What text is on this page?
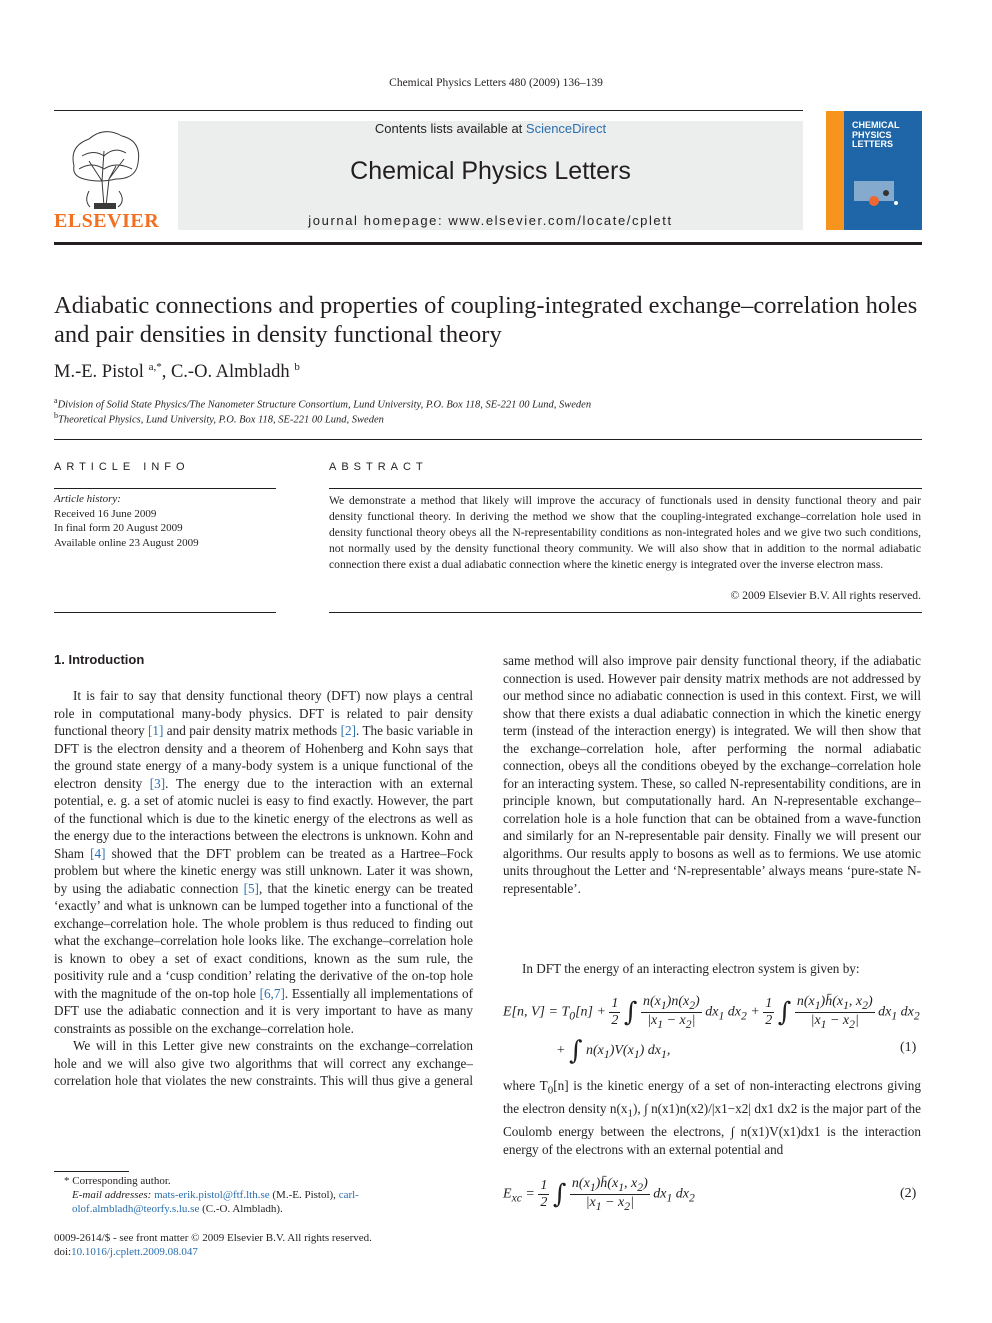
Chemical Physics Letters 480 (2009) 136–139
Contents lists available at ScienceDirect
Chemical Physics Letters
journal homepage: www.elsevier.com/locate/cplett
ELSEVIER
CHEMICAL PHYSICS LETTERS
Adiabatic connections and properties of coupling-integrated exchange–correlation holes and pair densities in density functional theory
M.-E. Pistol $^{a,*}$, C.-O. Almbladh $^b$
$^a$Division of Solid State Physics/The Nanometer Structure Consortium, Lund University, P.O. Box 118, SE-221 00 Lund, Sweden
$^b$Theoretical Physics, Lund University, P.O. Box 118, SE-221 00 Lund, Sweden
ARTICLE INFO
Article history:
Received 16 June 2009
In final form 20 August 2009
Available online 23 August 2009
ABSTRACT
We demonstrate a method that likely will improve the accuracy of functionals used in density functional theory and pair density functional theory. In deriving the method we show that the coupling-integrated exchange–correlation hole used in density functional theory obeys all the N-representability conditions as non-integrated holes and we give two such conditions, not normally used by the density functional theory community. We will also show that in addition to the normal adiabatic connection there exist a dual adiabatic connection where the kinetic energy is integrated over the inverse electron mass.
© 2009 Elsevier B.V. All rights reserved.
1. Introduction

It is fair to say that density functional theory (DFT) now plays a central role in computational many-body physics. DFT is related to pair density functional theory [1] and pair density matrix methods [2]. The basic variable in DFT is the electron density and a theorem of Hohenberg and Kohn says that the ground state energy of a many-body system is a unique functional of the electron density [3]. The energy due to the interaction with an external potential, e. g. a set of atomic nuclei is easy to find exactly. However, the part of the functional which is due to the kinetic energy of the electrons as well as the energy due to the interactions between the electrons is unknown. Kohn and Sham [4] showed that the DFT problem can be treated as a Hartree–Fock problem but where the kinetic energy was still unknown. Later it was shown, by using the adiabatic connection [5], that the kinetic energy can be treated ‘exactly’ and what is unknown can be lumped together into a functional of the exchange–correlation hole. The whole problem is thus reduced to finding out what the exchange–correlation hole looks like. The exchange–correlation hole is known to obey a set of exact conditions, known as the sum rule, the positivity rule and a ‘cusp condition’ relating the derivative of the on-top hole with the magnitude of the on-top hole [6,7]. Essentially all implementations of DFT use the adiabatic connection and it is very important to have as many constraints as possible on the exchange–correlation hole.

We will in this Letter give new constraints on the exchange–correlation hole and we will also give two algorithms that will correct any exchange–correlation hole that violates the new constraints. This will thus give a general

same method will also improve pair density functional theory, if the adiabatic connection is used. However pair density matrix methods are not addressed by our method since no adiabatic connection is used in this context. First, we will show that there exists a dual adiabatic connection in which the kinetic energy term (instead of the interaction energy) is integrated. We will then show that the exchange–correlation hole, after performing the normal adiabatic connection, obeys all the conditions obeyed by the exchange–correlation hole for an interacting system. These, so called N-representability conditions, are in principle known, but computationally hard. An N-representable exchange–correlation hole is a hole function that can be obtained from a wave-function and similarly for an N-representable pair density. Finally we will present our algorithms. Our results apply to bosons as well as to fermions. We use atomic units throughout the Letter and ‘N-representable’ always means ‘pure-state N-representable’.

In DFT the energy of an interacting electron system is given by:

E[n, $V] = T_0[n] + \frac{1}{2}$ ∫ $\frac{n(x_1)n(x_2)}{|x_1 - x_2|} dx_1$ $dx_2 + \frac{1}{2}$ ∫ $\frac{n(x_1)h̄(x_1, x_2)}{|x_1 - x_2|} dx_1$ $dx_2$
+ ∫ $n(x_1)V(x_1)$ $dx_1$,	(1)

where $T_0[n]$ is the kinetic energy of a set of non-interacting electrons giving the electron density $n(x_1)$, ∫ n(x1)n(x2)/|x1−x2| dx1 dx2 is the major part of the Coulomb energy between the electrons, ∫ n(x1)V(x1)dx1 is the interaction energy of the electrons with an external potential and

$E_{xc} = \frac{1}{2}$ ∫ $\frac{n(x_1)h̄(x_1, x_2)}{|x_1 - x_2|} dx_1$ $dx_2$	(2)
* Corresponding author.
E-mail addresses: mats-erik.pistol@ftf.lth.se (M.-E. Pistol), carl-olof.almbladh@teorfy.s.lu.se (C.-O. Almbladh).
0009-2614/$ - see front matter © 2009 Elsevier B.V. All rights reserved.
doi:10.1016/j.cplett.2009.08.047
